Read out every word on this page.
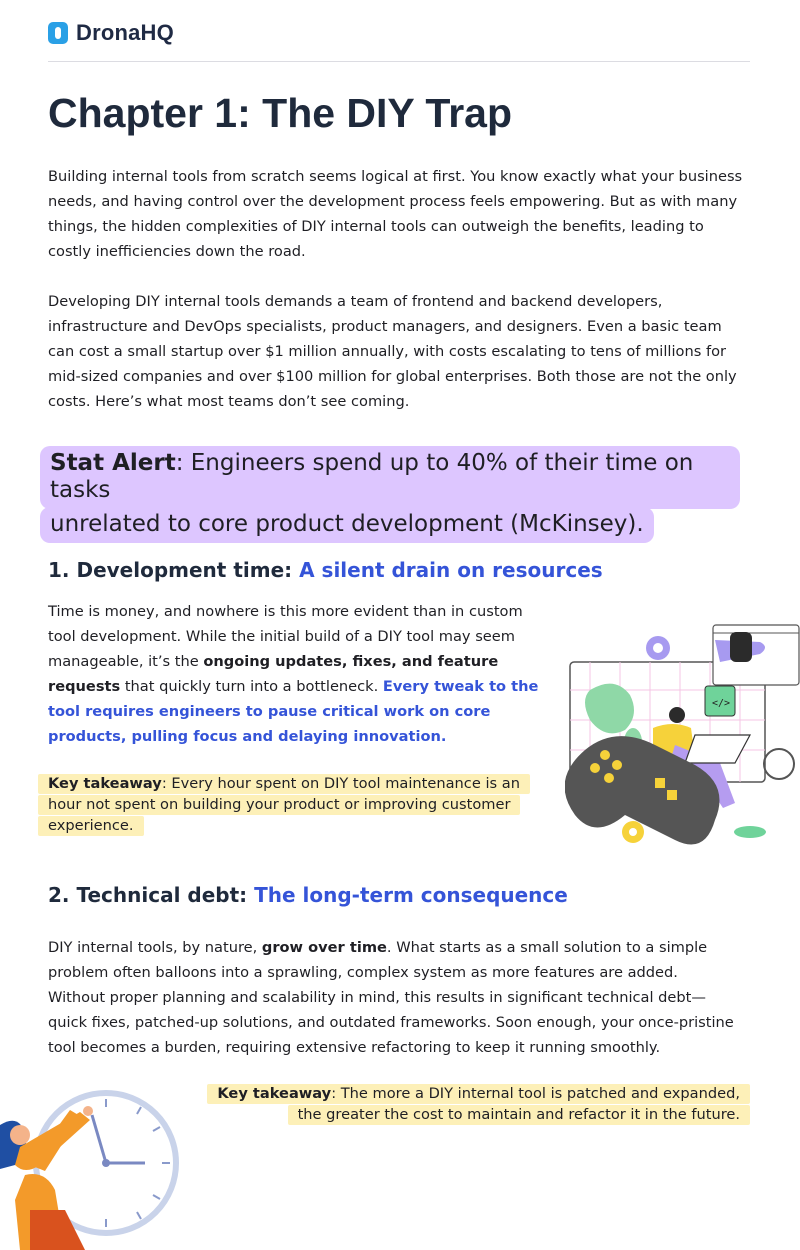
DronaHQ
Chapter 1: The DIY Trap

Building internal tools from scratch seems logical at first. You know exactly what your business needs, and having control over the development process feels empowering. But as with many things, the hidden complexities of DIY internal tools can outweigh the benefits, leading to costly inefficiencies down the road.

Developing DIY internal tools demands a team of frontend and backend developers, infrastructure and DevOps specialists, product managers, and designers. Even a basic team can cost a small startup over $1 million annually, with costs escalating to tens of millions for mid-sized companies and over $100 million for global enterprises. Both those are not the only costs. Here’s what most teams don’t see coming.

Stat Alert: Engineers spend up to 40% of their time on tasks
unrelated to core product development (McKinsey).
1. Development time: A silent drain on resources

Time is money, and nowhere is this more evident than in custom tool development. While the initial build of a DIY tool may seem manageable, it’s the ongoing updates, fixes, and feature requests that quickly turn into a bottleneck. Every tweak to the tool requires engineers to pause critical work on core products, pulling focus and delaying innovation.

Key takeaway: Every hour spent on DIY tool maintenance is an
hour not spent on building your product or improving customer
experience.
</>
2. Technical debt: The long-term consequence

DIY internal tools, by nature, grow over time. What starts as a small solution to a simple problem often balloons into a sprawling, complex system as more features are added. Without proper planning and scalability in mind, this results in significant technical debt—quick fixes, patched-up solutions, and outdated frameworks. Soon enough, your once-pristine tool becomes a burden, requiring extensive refactoring to keep it running smoothly.

Key takeaway: The more a DIY internal tool is patched and expanded,
the greater the cost to maintain and refactor it in the future.
